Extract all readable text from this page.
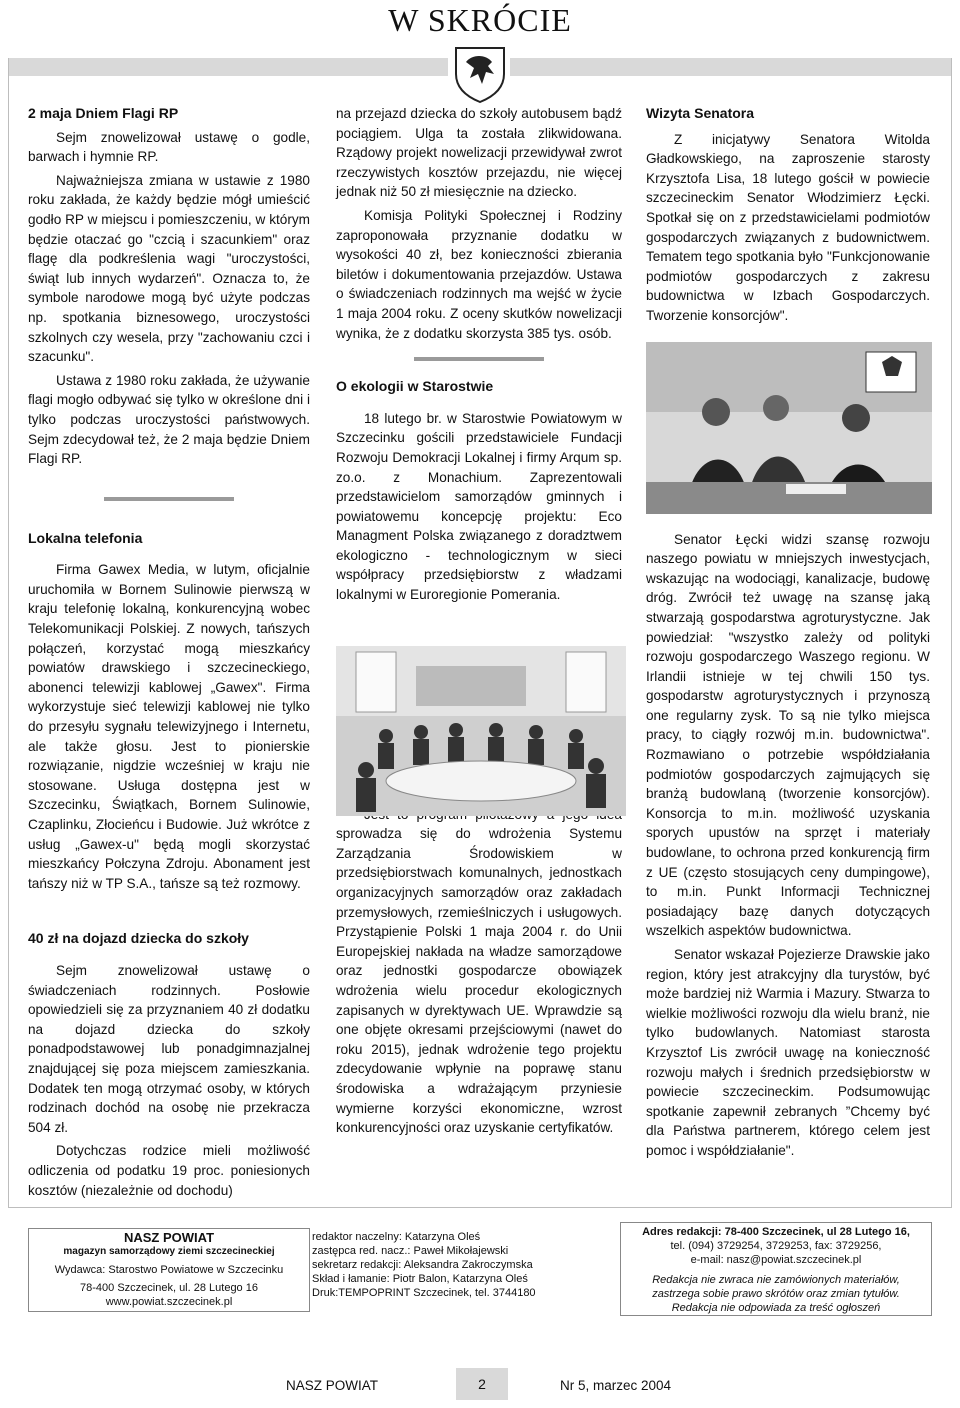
W SKRÓCIE
2 maja Dniem Flagi RP

Sejm znowelizował ustawę o godle, barwach i hymnie RP.

Najważniejsza zmiana w ustawie z 1980 roku zakłada, że każdy będzie mógł umieścić godło RP w miejscu i pomieszczeniu, w którym będzie otaczać go "czcią i szacunkiem" oraz flagę dla podkreślenia wagi "uroczystości, świąt lub innych wydarzeń". Oznacza to, że symbole narodowe mogą być użyte podczas np. spotkania biznesowego, uroczystości szkolnych czy wesela, przy "zachowaniu czci i szacunku".

Ustawa z 1980 roku zakłada, że używanie flagi mogło odbywać się tylko w określone dni i tylko podczas uroczystości państwowych. Sejm zdecydował też, że 2 maja będzie Dniem Flagi RP.

Lokalna telefonia

Firma Gawex Media, w lutym, oficjalnie uruchomiła w Bornem Sulinowie pierwszą w kraju telefonię lokalną, konkurencyjną wobec Telekomunikacji Polskiej. Z nowych, tańszych połączeń, korzystać mogą mieszkańcy powiatów drawskiego i szczecineckiego, abonenci telewizji kablowej „Gawex". Firma wykorzystuje sieć telewizji kablowej nie tylko do przesyłu sygnału telewizyjnego i Internetu, ale także głosu. Jest to pionierskie rozwiązanie, nigdzie wcześniej w kraju nie stosowane. Usługa dostępna jest w Szczecinku, Świątkach, Bornem Sulinowie, Czaplinku, Złocieńcu i Budowie. Już wkrótce z usług „Gawex-u" będą mogli skorzystać mieszkańcy Połczyna Zdroju. Abonament jest tańszy niż w TP S.A., tańsze są też rozmowy.

40 zł na dojazd dziecka do szkoły

Sejm znowelizował ustawę o świadczeniach rodzinnych. Posłowie opowiedzieli się za przyznaniem 40 zł dodatku na dojazd dziecka do szkoły ponadpodstawowej lub ponadgimnazjalnej znajdującej się poza miejscem zamieszkania. Dodatek ten mogą otrzymać osoby, w których rodzinach dochód na osobę nie przekracza 504 zł.

Dotychczas rodzice mieli możliwość odliczenia od podatku 19 proc. poniesionych kosztów (niezależnie od dochodu)

na przejazd dziecka do szkoły autobusem bądź pociągiem. Ulga ta została zlikwidowana. Rządowy projekt nowelizacji przewidywał zwrot rzeczywistych kosztów przejazdu, nie więcej jednak niż 50 zł miesięcznie na dziecko.

Komisja Polityki Społecznej i Rodziny zaproponowała przyznanie dodatku w wysokości 40 zł, bez konieczności zbierania biletów i dokumentowania przejazdów. Ustawa o świadczeniach rodzinnych ma wejść w życie 1 maja 2004 roku. Z oceny skutków nowelizacji wynika, że z dodatku skorzysta 385 tys. osób.

O ekologii w Starostwie

18 lutego br. w Starostwie Powiatowym w Szczecinku gościli przedstawiciele Fundacji Rozwoju Demokracji Lokalnej i firmy Arqum sp. zo.o. z Monachium. Zaprezentowali przedstawicielom samorządów gminnych i powiatowemu koncepcję projektu: Eco Managment Polska związanego z doradztwem ekologiczno - technologicznym w sieci współpracy przedsiębiorstw z władzami lokalnymi w Euroregionie Pomerania.

sprowadza się do wdrożenia Systemu Zarządzania Środowiskiem w przedsiębiorstwach komunalnych, jednostkach organizacyjnych samorządów oraz zakładach przemysłowych, rzemieślniczych i usługowych. Przystąpienie Polski 1 maja 2004 r. do Unii Europejskiej nakłada na władze samorządowe oraz jednostki gospodarcze obowiązek wdrożenia wielu procedur ekologicznych zapisanych w dyrektywach UE. Wprawdzie są one objęte okresami przejściowymi (nawet do roku 2015), jednak wdrożenie tego projektu zdecydowanie wpłynie na poprawę stanu środowiska a wdrażającym przyniesie wymierne korzyści ekonomiczne, wzrost konkurencyjności oraz uzyskanie certyfikatów.

Wizyta Senatora

Z inicjatywy Senatora Witolda Gładkowskiego, na zaproszenie starosty Krzysztofa Lisa, 18 lutego gościł w powiecie szczecineckim Senator Włodzimierz Łęcki. Spotkał się on z przedstawicielami podmiotów gospodarczych związanych z budownictwem. Tematem tego spotkania było "Funkcjonowanie podmiotów gospodarczych z zakresu budownictwa w Izbach Gospodarczych. Tworzenie konsorcjów".

Senator Łęcki widzi szansę rozwoju naszego powiatu w mniejszych inwestycjach, wskazując na wodociągi, kanalizacje, budowę dróg. Zwrócił też uwagę na szansę jaką stwarzają gospodarstwa agroturystyczne. Jak powiedział: "wszystko zależy od polityki rozwoju gospodarczego Waszego regionu. W Irlandii istnieje w tej chwili 150 tys. gospodarstw agroturystycznych i przynoszą one regularny zysk. To są nie tylko miejsca pracy, to ciągły rozwój m.in. budownictwa". Rozmawiano o potrzebie współdziałania podmiotów gospodarczych zajmujących się branżą budowlaną (tworzenie konsorcjów). Konsorcja to m.in. możliwość uzyskania sporych upustów na sprzęt i materiały budowlane, to ochrona przed konkurencją firm z UE (często stosujących ceny dumpingowe), to m.in. Punkt Informacji Technicznej posiadający bazę danych dotyczących wszelkich aspektów budownictwa.

Senator wskazał Pojezierze Drawskie jako region, który jest atrakcyjny dla turystów, być może bardziej niż Warmia i Mazury. Stwarza to wielkie możliwości rozwoju dla wielu branż, nie tylko budowlanych. Natomiast starosta Krzysztof Lis zwrócił uwagę na konieczność rozwoju małych i średnich przedsiębiorstw w powiecie szczecineckim. Podsumowując spotkanie zapewnił zebranych ”Chcemy być dla Państwa partnerem, którego celem jest pomoc i współdziałanie".

NASZ POWIAT
magazyn samorządowy ziemi szczecineckiej
Wydawca: Starostwo Powiatowe w Szczecinku
78-400 Szczecinek, ul. 28 Lutego 16
www.powiat.szczecinek.pl
redaktor naczelny: Katarzyna Oleś
zastępca red. nacz.: Paweł Mikołajewski
sekretarz redakcji: Aleksandra Zakroczymska
Skład i łamanie: Piotr Balon, Katarzyna Oleś
Druk:TEMPOPRINT Szczecinek, tel. 3744180
Adres redakcji: 78-400 Szczecinek, ul 28 Lutego 16,
tel. (094) 3729254, 3729253, fax: 3729256,
e-mail: nasz@powiat.szczecinek.pl
Redakcja nie zwraca nie zamówionych materiałów,
zastrzega sobie prawo skrótów oraz zmian tytułów.
Redakcja nie odpowiada za treść ogłoszeń
NASZ POWIAT	2	Nr 5, marzec 2004
